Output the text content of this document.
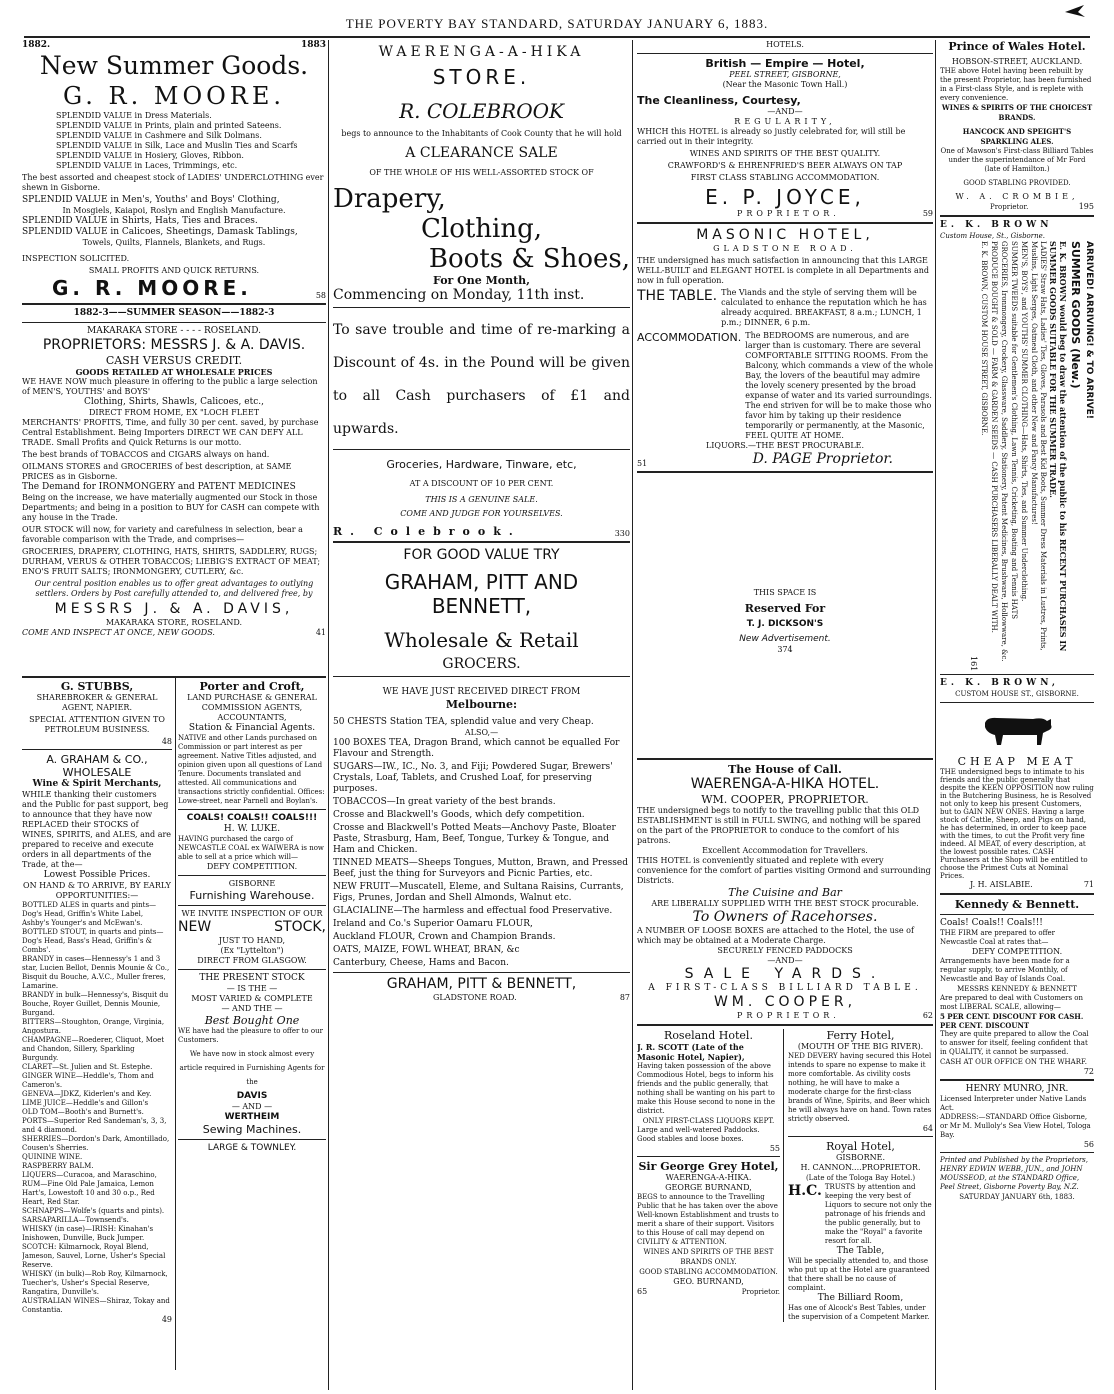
THE POVERTY BAY STANDARD, SATURDAY JANUARY 6, 1883.
1882.	1883
New Summer Goods.
G. R. MOORE.

SPLENDID VALUE in Dress Materials.

SPLENDID VALUE in Prints, plain and printed Sateens.

SPLENDID VALUE in Cashmere and Silk Dolmans.

SPLENDID VALUE in Silk, Lace and Muslin Ties and Scarfs

SPLENDID VALUE in Hosiery, Gloves, Ribbon.

SPLENDID VALUE in Laces, Trimmings, etc.

The best assorted and cheapest stock of LADIES' UNDERCLOTHING ever shewn in Gisborne.

SPLENDID VALUE in Men's, Youths' and Boys' Clothing,

In Mosgiels, Kaiapoi, Roslyn and English Manufacture.

SPLENDID VALUE in Shirts, Hats, Ties and Braces.

SPLENDID VALUE in Calicoes, Sheetings, Damask Tablings,

Towels, Quilts, Flannels, Blankets, and Rugs.

INSPECTION SOLICITED.

SMALL PROFITS AND QUICK RETURNS.

G. R. MOORE.	58

1882-3——SUMMER SEASON——1882-3

MAKARAKA STORE - - - - ROSELAND.

PROPRIETORS: MESSRS J. & A. DAVIS.

CASH VERSUS CREDIT.

GOODS RETAILED AT WHOLESALE PRICES

WE HAVE NOW much pleasure in offering to the public a large selection of MEN'S, YOUTHS' and BOYS'

Clothing, Shirts, Shawls, Calicoes, etc.,

DIRECT FROM HOME, EX "LOCH FLEET

MERCHANTS' PROFITS, Time, and fully 30 per cent. saved, by purchase Central Establishment. Being Importers DIRECT WE CAN DEFY ALL TRADE. Small Profits and Quick Returns is our motto.

The best brands of TOBACCOS and CIGARS always on hand.

OILMANS STORES and GROCERIES of best description, at SAME PRICES as in Gisborne.

The Demand for IRONMONGERY and PATENT MEDICINES

Being on the increase, we have materially augmented our Stock in those Departments; and being in a position to BUY for CASH can compete with any house in the Trade.

OUR STOCK will now, for variety and carefulness in selection, bear a favorable comparison with the Trade, and comprises—

GROCERIES, DRAPERY, CLOTHING, HATS, SHIRTS, SADDLERY, RUGS; DURHAM, VERUS & OTHER TOBACCOS; LIEBIG'S EXTRACT OF MEAT; ENO'S FRUIT SALTS; IRONMONGERY, CUTLERY, &c.

Our central position enables us to offer great advantages to outlying settlers. Orders by Post carefully attended to, and delivered free, by

MESSRS J. & A. DAVIS,

MAKARAKA STORE, ROSELAND.

COME AND INSPECT AT ONCE, NEW GOODS.	41

G. STUBBS,

SHAREBROKER & GENERAL AGENT, NAPIER.

SPECIAL ATTENTION GIVEN TO PETROLEUM BUSINESS.

48

A. GRAHAM & CO.,

WHOLESALE

Wine & Spirit Merchants,

WHILE thanking their customers and the Public for past support, beg to announce that they have now REPLACED their STOCKS of WINES, SPIRITS, and ALES, and are prepared to receive and execute orders in all departments of the Trade, at the—

Lowest Possible Prices.

ON HAND & TO ARRIVE, BY EARLY OPPORTUNITIES:—

BOTTLED ALES in quarts and pints—Dog's Head, Griffin's White Label, Ashby's Younger's and McEwan's.

BOTTLED STOUT, in quarts and pints—Dog's Head, Bass's Head, Griffin's & Combs'.

BRANDY in cases—Hennessy's 1 and 3 star, Lucien Bellot, Dennis Mounie & Co., Bisquit du Bouche, A.V.C., Muller freres, Lamarine.

BRANDY in bulk—Hennessy's, Bisquit du Bouche, Royer Guillet, Dennis Mounie, Burgand.

BITTERS—Stoughton, Orange, Virginia, Angostura.

CHAMPAGNE—Roederer, Cliquot, Moet and Chandon, Sillery, Sparkling Burgundy.

CLARET—St. Julien and St. Estephe.

GINGER WINE—Heddle's, Thom and Cameron's.

GENEVA—JDKZ, Kiderlen's and Key.

LIME JUICE—Heddle's and Gillon's

OLD TOM—Booth's and Burnett's.

PORTS—Superior Red Sandeman's, 3, 3, and 4 diamond.

SHERRIES—Dordon's Dark, Amontillado, Cousen's Sherries.

QUININE WINE.

RASPBERRY BALM.

LIQUERS—Curacoa, and Maraschino,

RUM—Fine Old Pale Jamaica, Lemon Hart's, Lowestoft 10 and 30 o.p., Red Heart, Red Star.

SCHNAPPS—Wolfe's (quarts and pints).

SARSAPARILLA—Townsend's.

WHISKY (in case)—IRISH: Kinahan's Inishowen, Dunville, Buck Jumper. SCOTCH: Kilmarnock, Royal Blend, Jameson, Sauvel, Lorne, Usher's Special Reserve.

WHISKY (in bulk)—Rob Roy, Kilmarnock, Tuecher's, Usher's Special Reserve, Rangatira, Dunville's.

AUSTRALIAN WINES—Shiraz, Tokay and Constantia.

49

Porter and Croft,

LAND PURCHASE & GENERAL COMMISSION AGENTS, ACCOUNTANTS,

Station & Financial Agents.

NATIVE and other Lands purchased on Commission or part interest as per agreement. Native Titles adjusted, and opinion given upon all questions of Land Tenure. Documents translated and attested. All communications and transactions strictly confidential. Offices: Lowe-street, near Parnell and Boylan's.

COALS! COALS!! COALS!!!

H. W. LUKE.

HAVING purchased the cargo of NEWCASTLE COAL ex WAIWERA is now able to sell at a price which will—

DEFY COMPETITION.

GISBORNE

Furnishing Warehouse.

WE INVITE INSPECTION OF OUR

NEW	STOCK,

JUST TO HAND,

(Ex "Lyttelton")

DIRECT FROM GLASGOW.

THE PRESENT STOCK

— IS THE —

MOST VARIED & COMPLETE

— AND THE —

Best Bought One

WE have had the pleasure to offer to our Customers.

We have now in stock almost every article required in Furnishing Agents for the

DAVIS

— AND —

WERTHEIM

Sewing Machines.

LARGE & TOWNLEY.

WAERENGA-A-HIKA

STORE.

R. COLEBROOK

begs to announce to the Inhabitants of Cook County that he will hold

A CLEARANCE SALE

OF THE WHOLE OF HIS WELL-ASSORTED STOCK OF

Drapery,

Clothing,

Boots & Shoes,

For One Month,

Commencing on Monday, 11th inst.

To save trouble and time of re-marking a Discount of 4s. in the Pound will be given to all Cash purchasers of £1 and upwards.

Groceries, Hardware, Tinware, etc,

AT A DISCOUNT OF 10 PER CENT.

THIS IS A GENUINE SALE.

COME AND JUDGE FOR YOURSELVES.

R. Colebrook.	330

FOR GOOD VALUE TRY

GRAHAM, PITT AND BENNETT,

Wholesale & Retail

GROCERS.

WE HAVE JUST RECEIVED DIRECT FROM

Melbourne:

50 CHESTS Station TEA, splendid value and very Cheap.

ALSO,—

100 BOXES TEA, Dragon Brand, which cannot be equalled For Flavour and Strength.

SUGARS—IW., IC., No. 3, and Fiji; Powdered Sugar, Brewers' Crystals, Loaf, Tablets, and Crushed Loaf, for preserving purposes.

TOBACCOS—In great variety of the best brands.

Crosse and Blackwell's Goods, which defy competition.

Crosse and Blackwell's Potted Meats—Anchovy Paste, Bloater Paste, Strasburg, Ham, Beef, Tongue, Turkey & Tongue, and Ham and Chicken.

TINNED MEATS—Sheeps Tongues, Mutton, Brawn, and Pressed Beef, just the thing for Surveyors and Picnic Parties, etc.

NEW FRUIT—Muscatell, Eleme, and Sultana Raisins, Currants, Figs, Prunes, Jordan and Shell Almonds, Walnut etc.

GLACIALINE—The harmless and effectual food Preservative.

Ireland and Co.'s Superior Oamaru FLOUR,

Auckland FLOUR, Crown and Champion Brands.

OATS, MAIZE, FOWL WHEAT, BRAN, &c

Canterbury, Cheese, Hams and Bacon.

GRAHAM, PITT & BENNETT,

GLADSTONE ROAD.	87

HOTELS.

British — Empire — Hotel,

PEEL STREET, GISBORNE,

(Near the Masonic Town Hall.)

The Cleanliness, Courtesy,

—AND—

REGULARITY,

WHICH this HOTEL is already so justly celebrated for, will still be carried out in their integrity.

WINES AND SPIRITS OF THE BEST QUALITY.

CRAWFORD'S & EHRENFRIED'S BEER ALWAYS ON TAP

FIRST CLASS STABLING ACCOMMODATION.

E. P. JOYCE,

PROPRIETOR.	59

MASONIC HOTEL,

GLADSTONE ROAD.

THE undersigned has much satisfaction in announcing that this LARGE WELL-BUILT and ELEGANT HOTEL is complete in all Departments and now in full operation.

THE TABLE. The Viands and the style of serving them will be calculated to enhance the reputation which he has already acquired. BREAKFAST, 8 a.m.; LUNCH, 1 p.m.; DINNER, 6 p.m.
ACCOMMODATION. The BEDROOMS are numerous, and are larger than is customary. There are several COMFORTABLE SITTING ROOMS. From the Balcony, which commands a view of the whole Bay, the lovers of the beautiful may admire the lovely scenery presented by the broad expanse of water and its varied surroundings. The end striven for will be to make those who favor him by taking up their residence temporarily or permanently, at the Masonic, FEEL QUITE AT HOME.

LIQUORS.—THE BEST PROCURABLE.

51	D. PAGE Proprietor.

THIS SPACE IS

Reserved For

T. J. DICKSON'S

New Advertisement.

374

The House of Call.

WAERENGA-A-HIKA HOTEL.

WM. COOPER, PROPRIETOR.

THE undersigned begs to notify to the travelling public that this OLD ESTABLISHMENT is still in FULL SWING, and nothing will be spared on the part of the PROPRIETOR to conduce to the comfort of his patrons.

Excellent Accommodation for Travellers.

THIS HOTEL is conveniently situated and replete with every convenience for the comfort of parties visiting Ormond and surrounding Districts.

The Cuisine and Bar

ARE LIBERALLY SUPPLIED WITH THE BEST STOCK procurable.

To Owners of Racehorses.

A NUMBER OF LOOSE BOXES are attached to the Hotel, the use of which may be obtained at a Moderate Charge.

SECURELY FENCED PADDOCKS

—AND—

SALE YARDS.

A FIRST-CLASS BILLIARD TABLE.

WM. COOPER,

PROPRIETOR.	62

Roseland Hotel.

J. R. SCOTT (Late of the Masonic Hotel, Napier),

Having taken possession of the above Commodious Hotel, begs to inform his friends and the public generally, that nothing shall be wanting on his part to make this House second to none in the district.

ONLY FIRST-CLASS LIQUORS KEPT.

Large and well-watered Paddocks. Good stables and loose boxes.

55

Sir George Grey Hotel,

WAERENGA-A-HIKA.

GEORGE BURNAND,

BEGS to announce to the Travelling Public that he has taken over the above Well-known Establishment and trusts to merit a share of their support. Visitors to this House of call may depend on CIVILITY & ATTENTION.

WINES AND SPIRITS OF THE BEST BRANDS ONLY.

GOOD STABLING ACCOMMODATION.

GEO. BURNAND,

65	Proprietor.

Ferry Hotel,

(MOUTH OF THE BIG RIVER).

NED DEVERY having secured this Hotel intends to spare no expense to make it more comfortable. As civility costs nothing, he will have to make a moderate charge for the first-class brands of Wine, Spirits, and Beer which he will always have on hand. Town rates strictly observed.

64

Royal Hotel,

GISBORNE.

H. CANNON....PROPRIETOR.

(Late of the Tologa Bay Hotel.)

H.C. TRUSTS by attention and keeping the very best of Liquors to secure not only the patronage of his friends and the public generally, but to make the "Royal" a favorite resort for all.

The Table,

Will be specially attended to, and those who put up at the Hotel are guaranteed that there shall be no cause of complaint.

The Billiard Room,

Has one of Alcock's Best Tables, under the supervision of a Competent Marker.

Prince of Wales Hotel.

HOBSON-STREET, AUCKLAND.

THE above Hotel having been rebuilt by the present Proprietor, has been furnished in a First-class Style, and is replete with every convenience.

WINES & SPIRITS OF THE CHOICEST BRANDS.

HANCOCK AND SPEIGHT'S SPARKLING ALES.

One of Mawson's First-class Billiard Tables under the superintendance of Mr Ford (late of Hamilton.)

GOOD STABLING PROVIDED.

W. A. CROMBIE,

Proprietor.	195

E. K. BROWN

Custom House, St., Gisborne.

ARRIVED! ARRIVING! & TO ARRIVE!

SUMMER GOODS (New.)

E. K. BROWN would beg to draw the attention of the public to his RECENT PURCHASES IN SUMMER GOODS SUITABLE FOR THE SUMMER TRADE.

LADIES' Straw Hats, Ladies' Ties, Gloves, Parasols and Best Kid Boots, Summer Dress Materials in Lustres, Prints, Muslins, Light Serges, Oatmeal Cloth, and other New and Fancy Manufactures!

MEN'S, BOYS', and YOUTHS' SUMMER CLOTHING—Hats, Shirts, Ties, and Summer Underclothing.

SUMMER TWEEDS suitable for Gentlemen's Clothing, Lawn Tennis, Cricketing, Boating and Tennis HATS

GROCERIES, Ironmongery, Crockery, Glassware, Saddlery, Stationery, Patent Medicines, Brushware, Hollowware, &c.

PRODUCE BOUGHT & SOLD — FARM & GARDEN SEEDS — CASH PURCHASERS LIBERALLY DEALT WITH.

E. K. BROWN, CUSTOM HOUSE STREET, GISBORNE.

161

E. K. BROWN,

CUSTOM HOUSE ST., GISBORNE.

CHEAP MEAT

THE undersigned begs to intimate to his friends and the public generally that despite the KEEN OPPOSITION now ruling in the Butchering Business, he is Resolved not only to keep his present Customers, but to GAIN NEW ONES. Having a large stock of Cattle, Sheep, and Pigs on hand, he has determined, in order to keep pace with the times, to cut the Profit very fine indeed. AI MEAT, of every description, at the lowest possible rates. CASH Purchasers at the Shop will be entitled to choose the Primest Cuts at Nominal Prices.

J. H. AISLABIE.	71

Kennedy & Bennett.

Coals! Coals!! Coals!!!

THE FIRM are prepared to offer Newcastle Coal at rates that—

DEFY COMPETITION.

Arrangements have been made for a regular supply, to arrive Monthly, of Newcastle and Bay of Islands Coal.

MESSRS KENNEDY & BENNETT

Are prepared to deal with Customers on most LIBERAL SCALE, allowing—

5 PER CENT. DISCOUNT FOR CASH. PER CENT. DISCOUNT

They are quite prepared to allow the Coal to answer for itself, feeling confident that in QUALITY, it cannot be surpassed.

CASH AT OUR OFFICE ON THE WHARF.

72

HENRY MUNRO, JNR.

Licensed Interpreter under Native Lands Act.

ADDRESS:—STANDARD Office Gisborne, or Mr M. Mulloly's Sea View Hotel, Tologa Bay.

56

Printed and Published by the Proprietors, HENRY EDWIN WEBB, JUN., and JOHN MOUSSEOD, at the STANDARD Office, Peel Street, Gisborne Poverty Bay, N.Z.

SATURDAY JANUARY 6th, 1883.
